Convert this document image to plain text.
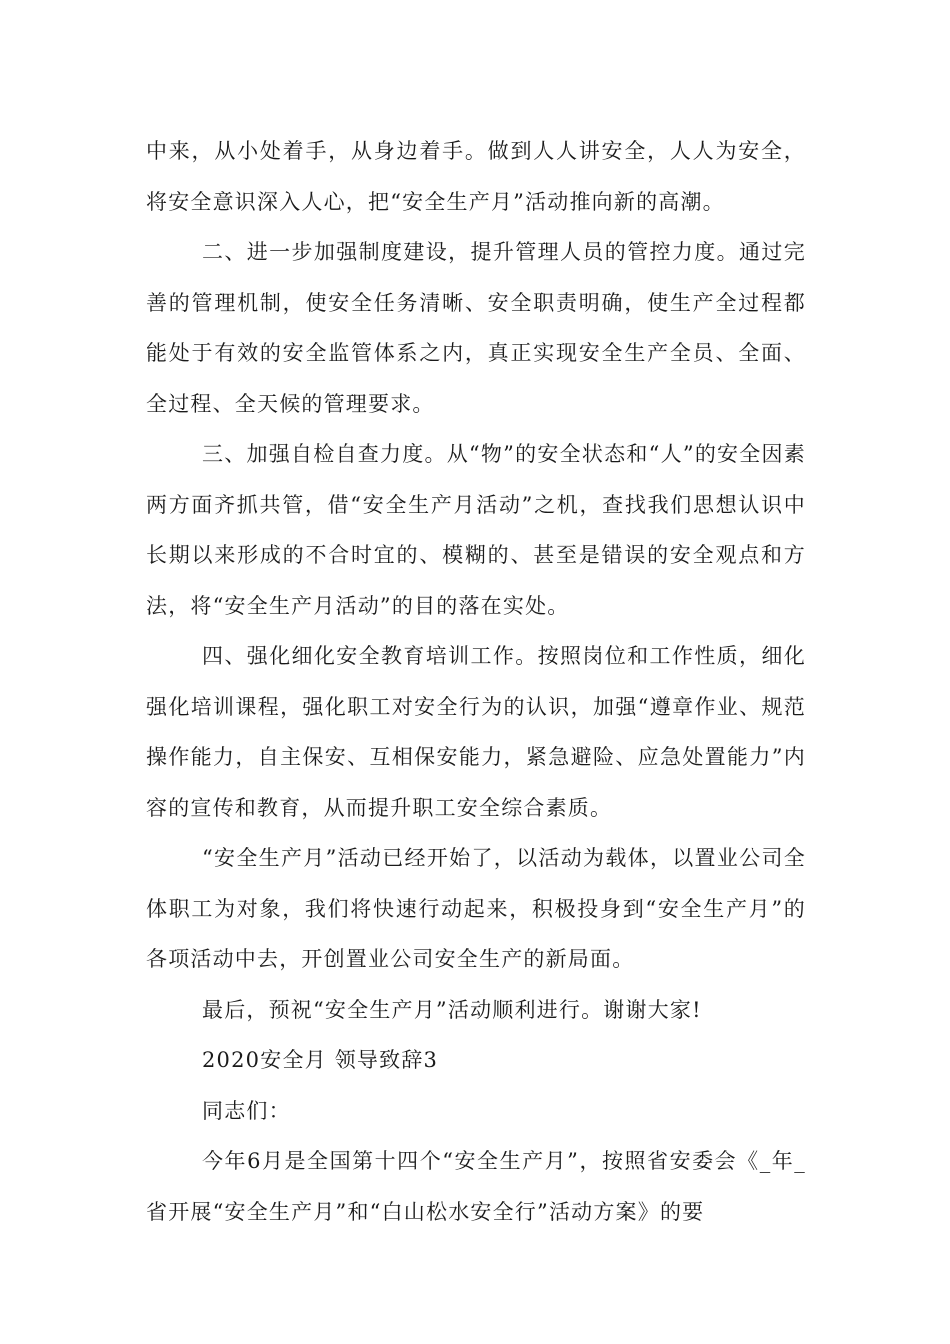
中来，从小处着手，从身边着手。做到人人讲安全，人人为安全，将安全意识深入人心，把“安全生产月”活动推向新的高潮。

二、进一步加强制度建设，提升管理人员的管控力度。通过完善的管理机制，使安全任务清晰、安全职责明确，使生产全过程都能处于有效的安全监管体系之内，真正实现安全生产全员、全面、全过程、全天候的管理要求。

三、加强自检自查力度。从“物”的安全状态和“人”的安全因素两方面齐抓共管，借“安全生产月活动”之机，查找我们思想认识中长期以来形成的不合时宜的、模糊的、甚至是错误的安全观点和方法，将“安全生产月活动”的目的落在实处。

四、强化细化安全教育培训工作。按照岗位和工作性质，细化强化培训课程，强化职工对安全行为的认识，加强“遵章作业、规范操作能力，自主保安、互相保安能力，紧急避险、应急处置能力”内容的宣传和教育，从而提升职工安全综合素质。

“安全生产月”活动已经开始了，以活动为载体，以置业公司全体职工为对象，我们将快速行动起来，积极投身到“安全生产月”的各项活动中去，开创置业公司安全生产的新局面。

最后，预祝“安全生产月”活动顺利进行。谢谢大家!

2020安全月 领导致辞3

同志们：

今年6月是全国第十四个“安全生产月”，按照省安委会《_年_省开展“安全生产月”和“白山松水安全行”活动方案》的要
